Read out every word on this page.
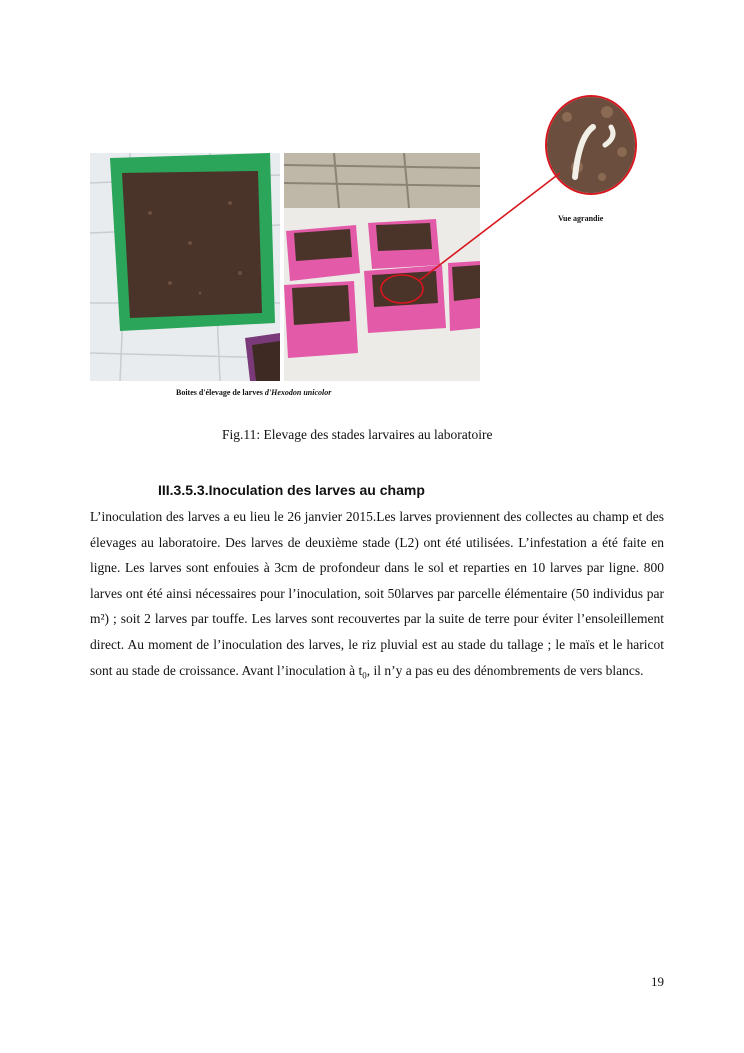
Vue agrandie
Boites d'élevage de larves d'Hexodon unicolor
Fig.11: Elevage des stades larvaires au laboratoire
III.3.5.3.Inoculation des larves au champ

L’inoculation des larves a eu lieu le 26 janvier 2015.Les larves proviennent des collectes au champ et des élevages au laboratoire. Des larves de deuxième stade (L2) ont été utilisées. L’infestation a été faite en ligne. Les larves sont enfouies à 3cm de profondeur dans le sol et reparties en 10 larves par ligne. 800 larves ont été ainsi nécessaires pour l’inoculation, soit 50larves par parcelle élémentaire (50 individus par m²) ; soit 2 larves par touffe. Les larves sont recouvertes par la suite de terre pour éviter l’ensoleillement direct. Au moment de l’inoculation des larves, le riz pluvial est au stade du tallage ; le maïs et le haricot sont au stade de croissance. Avant l’inoculation à $t_0$, il n’y a pas eu des dénombrements de vers blancs.

19
